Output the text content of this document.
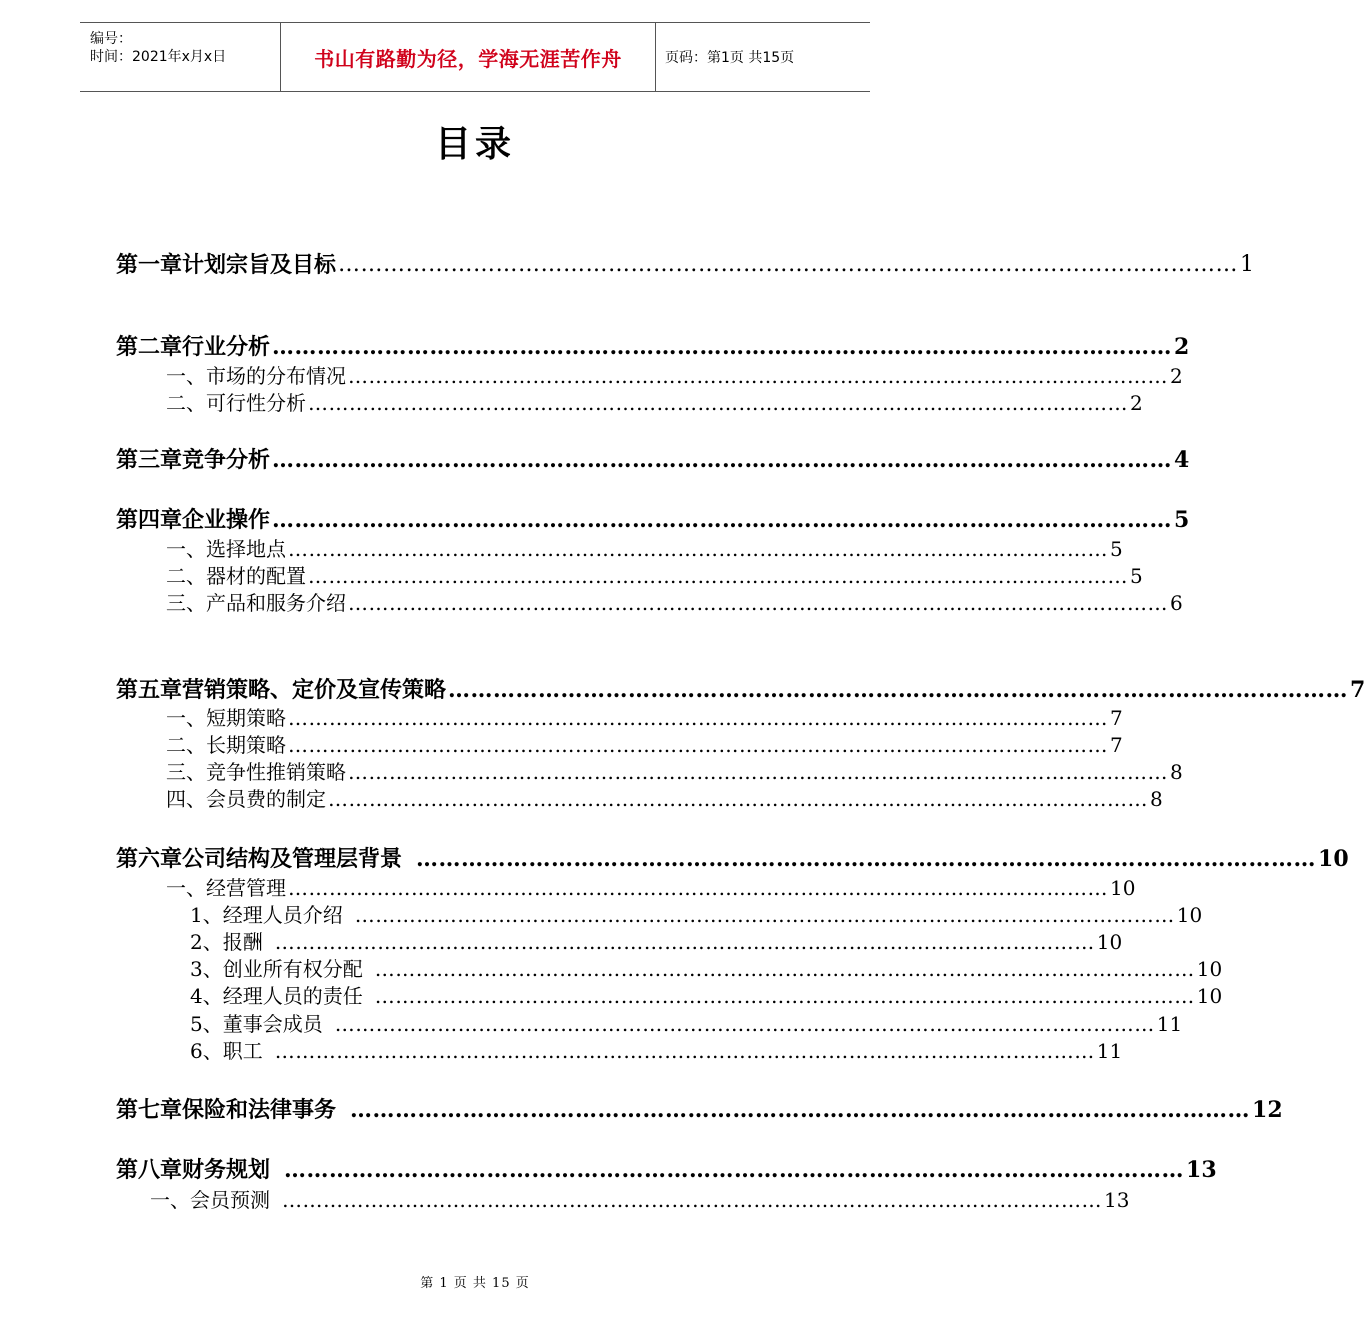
编号：
时间：2021年x月x日	书山有路勤为径，学海无涯苦作舟	页码：第1页 共15页
目录
第一章 计划宗旨及目标 ………………………………………………………………………………………………………… 1
第二章 行业分析 ………………………………………………………………………………………………………… 2
一、市场的分布情况 ………………………………………………………………………………………………………… 2
二、可行性分析 ………………………………………………………………………………………………………… 2
第三章 竞争分析 ………………………………………………………………………………………………………… 4
第四章 企业操作 ………………………………………………………………………………………………………… 5
一、选择地点 ………………………………………………………………………………………………………… 5
二、器材的配置 ………………………………………………………………………………………………………… 5
三、产品和服务介绍 ………………………………………………………………………………………………………… 6
第五章 营销策略、定价及宣传策略 ………………………………………………………………………………………………………… 7
一、短期策略 ………………………………………………………………………………………………………… 7
二、长期策略 ………………………………………………………………………………………………………… 7
三、竞争性推销策略 ………………………………………………………………………………………………………… 8
四、会员费的制定 ………………………………………………………………………………………………………… 8
第六章 公司结构及管理层背景 ………………………………………………………………………………………………………… 10
一、经营管理 ………………………………………………………………………………………………………… 10
1、经理人员介绍 ………………………………………………………………………………………………………… 10
2、报酬 ………………………………………………………………………………………………………… 10
3、创业所有权分配 ………………………………………………………………………………………………………… 10
4、经理人员的责任 ………………………………………………………………………………………………………… 10
5、董事会成员 ………………………………………………………………………………………………………… 11
6、职工 ………………………………………………………………………………………………………… 11
第七章 保险和法律事务 ………………………………………………………………………………………………………… 12
第八章 财务规划 ………………………………………………………………………………………………………… 13
一、会员预测 ………………………………………………………………………………………………………… 13
第 1 页 共 15 页
